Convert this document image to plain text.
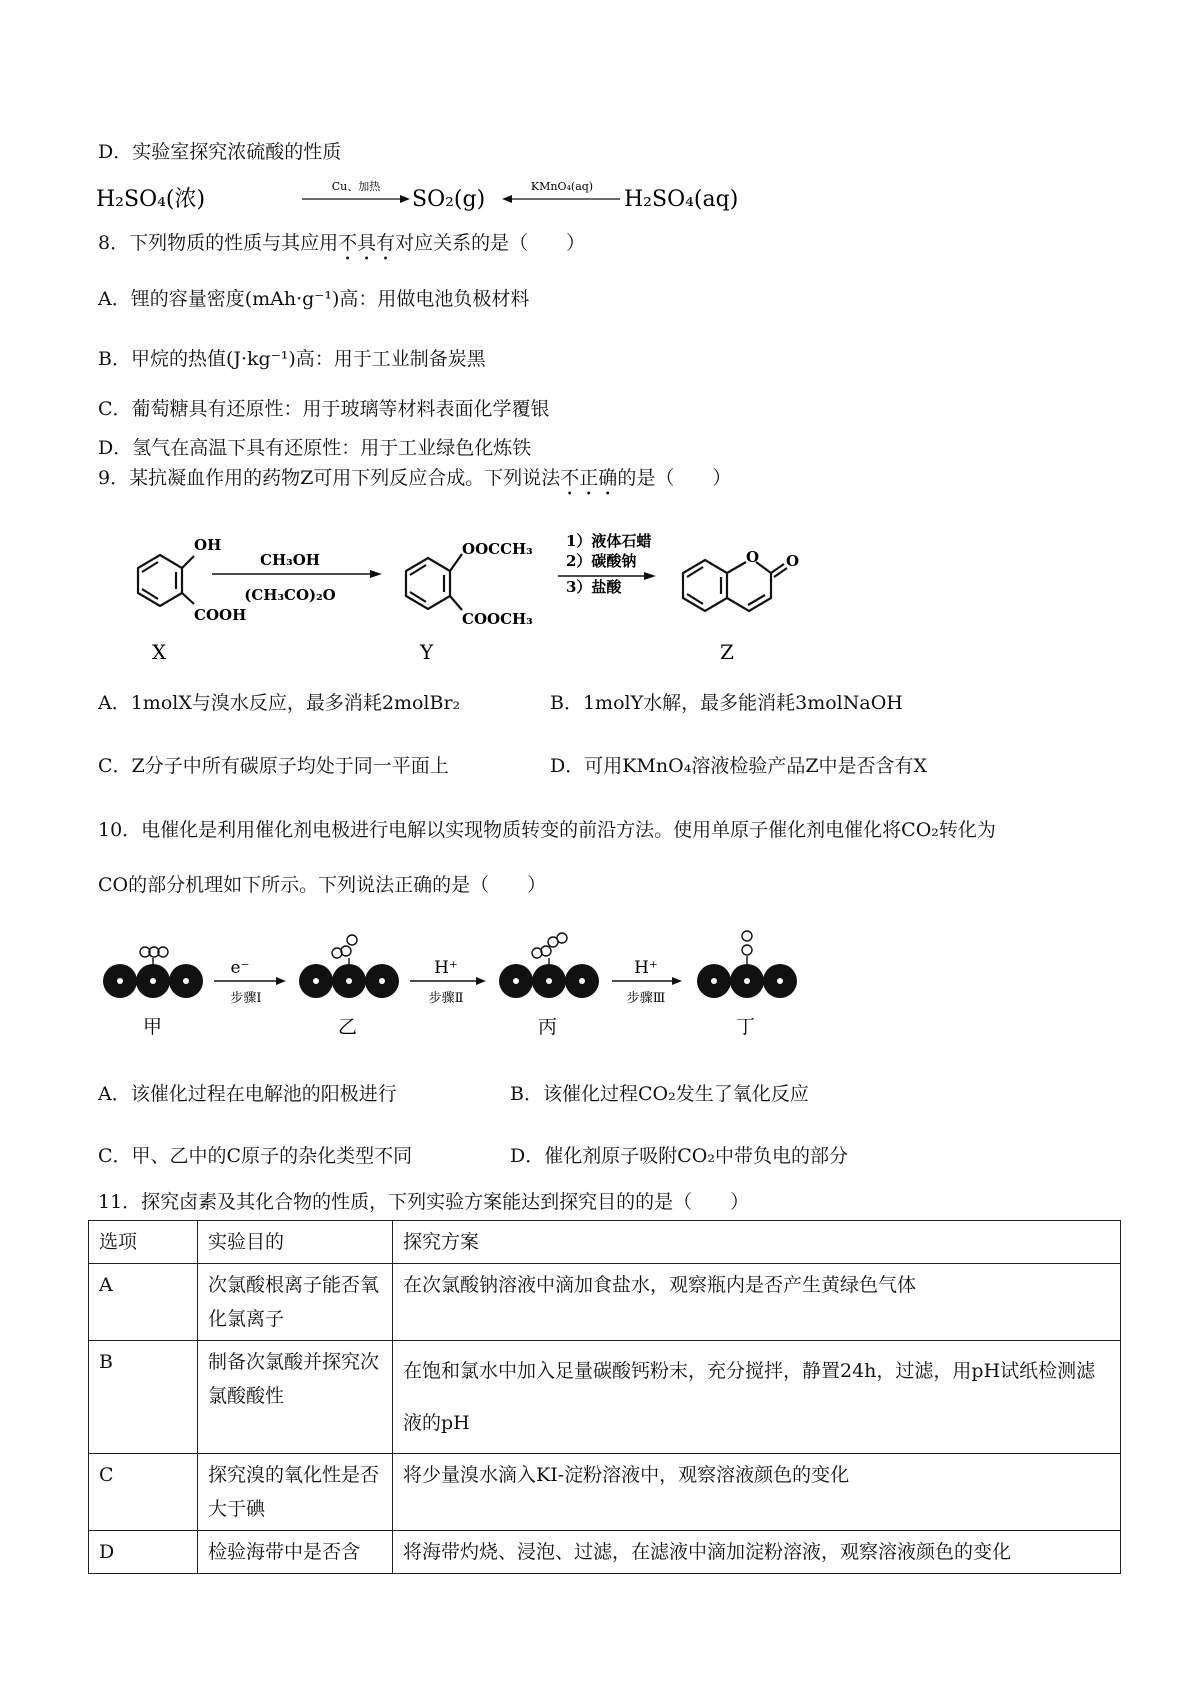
D．实验室探究浓硫酸的性质
H₂SO₄(浓)
Cu、加热
SO₂(g)
KMnO₄(aq)
H₂SO₄(aq)
8．下列物质的性质与其应用不具有对应关系的是（　　）
A．锂的容量密度(mAh·g⁻¹)高：用做电池负极材料
B．甲烷的热值(J·kg⁻¹)高：用于工业制备炭黑
C．葡萄糖具有还原性：用于玻璃等材料表面化学覆银
D．氢气在高温下具有还原性：用于工业绿色化炼铁
9．某抗凝血作用的药物Z可用下列反应合成。下列说法不正确的是（　　）
OH
COOH
X
CH₃OH
(CH₃CO)₂O
OOCCH₃
COOCH₃
Y
1）液体石蜡
2）碳酸钠
3）盐酸
O O
Z
A．1molX与溴水反应，最多消耗2molBr₂	B．1molY水解，最多能消耗3molNaOH
C．Z分子中所有碳原子均处于同一平面上	D．可用KMnO₄溶液检验产品Z中是否含有X
10．电催化是利用催化剂电极进行电解以实现物质转变的前沿方法。使用单原子催化剂电催化将CO₂转化为
CO的部分机理如下所示。下列说法正确的是（　　）
甲
e⁻
步骤Ⅰ
乙
H⁺
步骤Ⅱ
丙
H⁺
步骤Ⅲ
丁
A．该催化过程在电解池的阳极进行	B．该催化过程CO₂发生了氧化反应
C．甲、乙中的C原子的杂化类型不同	D．催化剂原子吸附CO₂中带负电的部分
11．探究卤素及其化合物的性质，下列实验方案能达到探究目的的是（　　）
选项	实验目的	探究方案
A	次氯酸根离子能否氧化氯离子	在次氯酸钠溶液中滴加食盐水，观察瓶内是否产生黄绿色气体
B	制备次氯酸并探究次氯酸酸性	在饱和氯水中加入足量碳酸钙粉末，充分搅拌，静置24h，过滤，用pH试纸检测滤液的pH
C	探究溴的氧化性是否大于碘	将少量溴水滴入KI-淀粉溶液中，观察溶液颜色的变化
D	检验海带中是否含	将海带灼烧、浸泡、过滤，在滤液中滴加淀粉溶液，观察溶液颜色的变化
